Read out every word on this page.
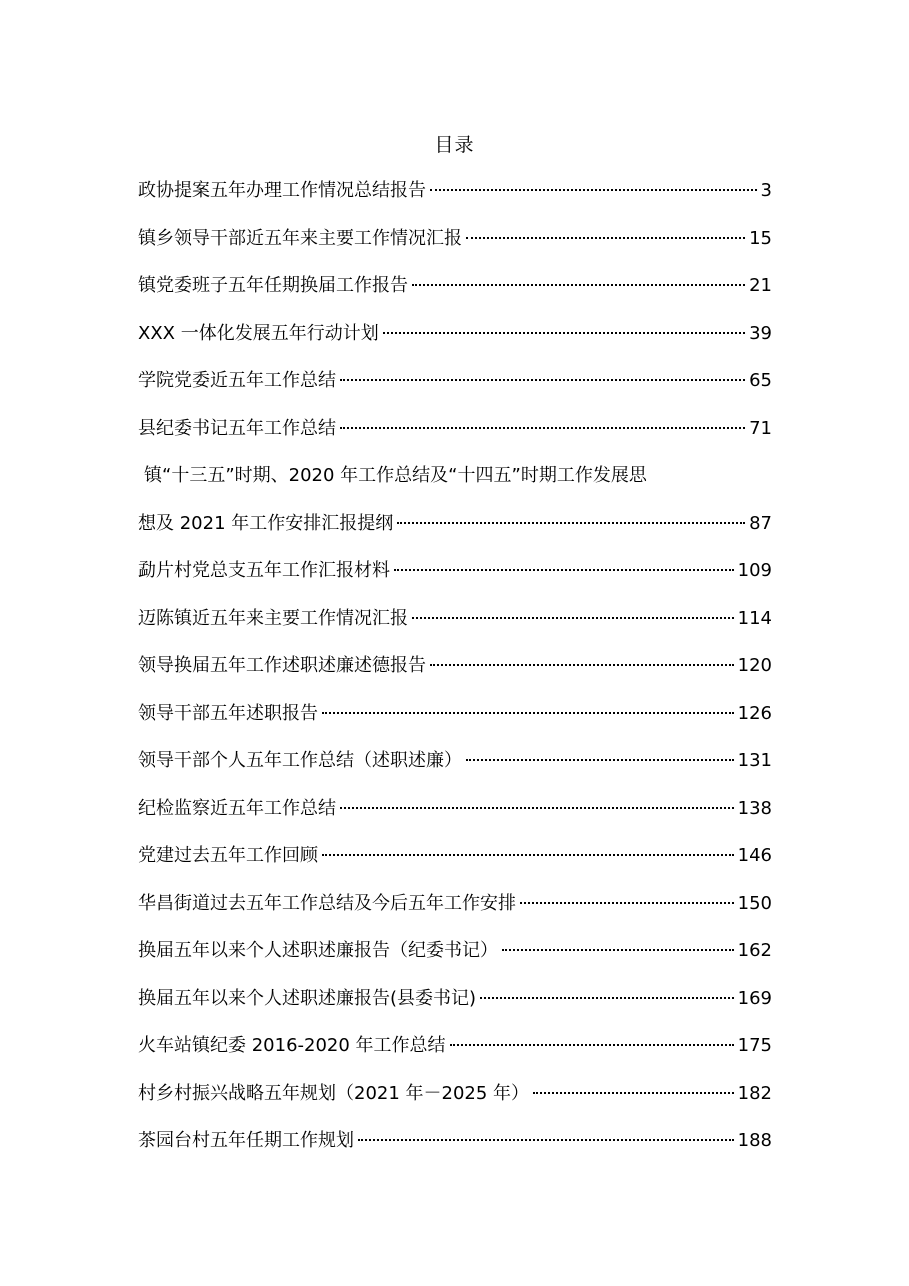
目录
政协提案五年办理工作情况总结报告	3
镇乡领导干部近五年来主要工作情况汇报	15
镇党委班子五年任期换届工作报告	21
XXX 一体化发展五年行动计划	39
学院党委近五年工作总结	65
县纪委书记五年工作总结	71
镇“十三五”时期、2020 年工作总结及“十四五”时期工作发展思
想及 2021 年工作安排汇报提纲	87
勐片村党总支五年工作汇报材料	109
迈陈镇近五年来主要工作情况汇报	114
领导换届五年工作述职述廉述德报告	120
领导干部五年述职报告	126
领导干部个人五年工作总结（述职述廉）	131
纪检监察近五年工作总结	138
党建过去五年工作回顾	146
华昌街道过去五年工作总结及今后五年工作安排	150
换届五年以来个人述职述廉报告（纪委书记）	162
换届五年以来个人述职述廉报告(县委书记)	169
火车站镇纪委 2016-2020 年工作总结	175
村乡村振兴战略五年规划（2021 年－2025 年）	182
茶园台村五年任期工作规划	188
